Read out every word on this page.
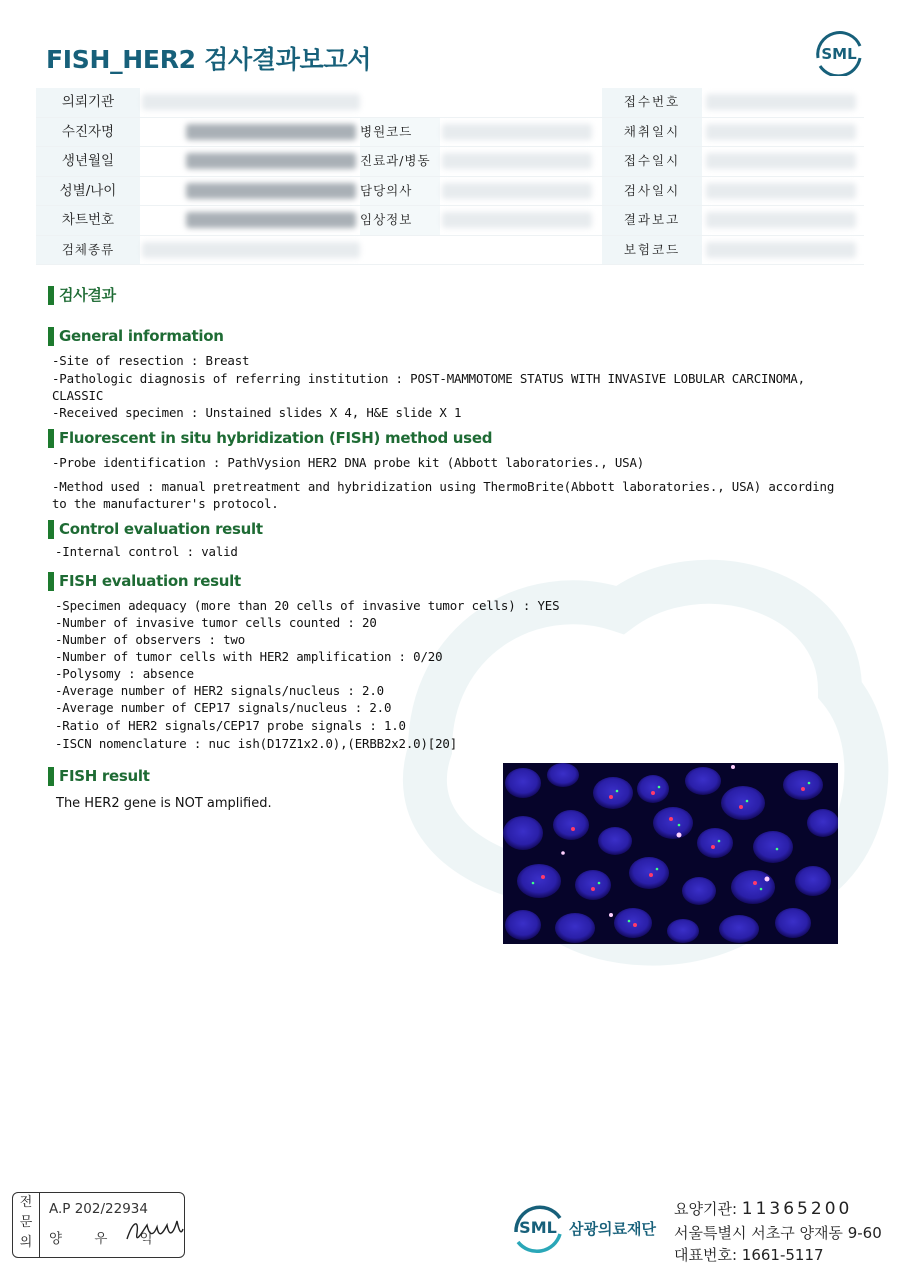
FISH_HER2 검사결과보고서	SML
의뢰기관	접수번호
수진자명	병원코드	채취일시
생년월일	진료과/병동	접수일시
성별/나이	담당의사	검사일시
차트번호	임상정보	결과보고
검체종류	보험코드
검사결과
General information
-Site of resection : Breast
-Pathologic diagnosis of referring institution : POST-MAMMOTOME STATUS WITH INVASIVE LOBULAR CARCINOMA,
CLASSIC
-Received specimen : Unstained slides X 4, H&E slide X 1
Fluorescent in situ hybridization (FISH) method used
-Probe identification : PathVysion HER2 DNA probe kit (Abbott laboratories., USA)
-Method used : manual pretreatment and hybridization using ThermoBrite(Abbott laboratories., USA) according
to the manufacturer's protocol.
Control evaluation result
-Internal control : valid
FISH evaluation result
-Specimen adequacy (more than 20 cells of invasive tumor cells) : YES
-Number of invasive tumor cells counted : 20
-Number of observers : two
-Number of tumor cells with HER2 amplification : 0/20
-Polysomy : absence
-Average number of HER2 signals/nucleus : 2.0
-Average number of CEP17 signals/nucleus : 2.0
-Ratio of HER2 signals/CEP17 probe signals : 1.0
-ISCN nomenclature : nuc ish(D17Z1x2.0),(ERBB2x2.0)[20]
FISH result
The HER2 gene is NOT amplified.
전
문
의
A.P 202/22934
양 우 익
SML 삼광의료재단
요양기관: 11365200
서울특별시 서초구 양재동 9-60
대표번호: 1661-5117
